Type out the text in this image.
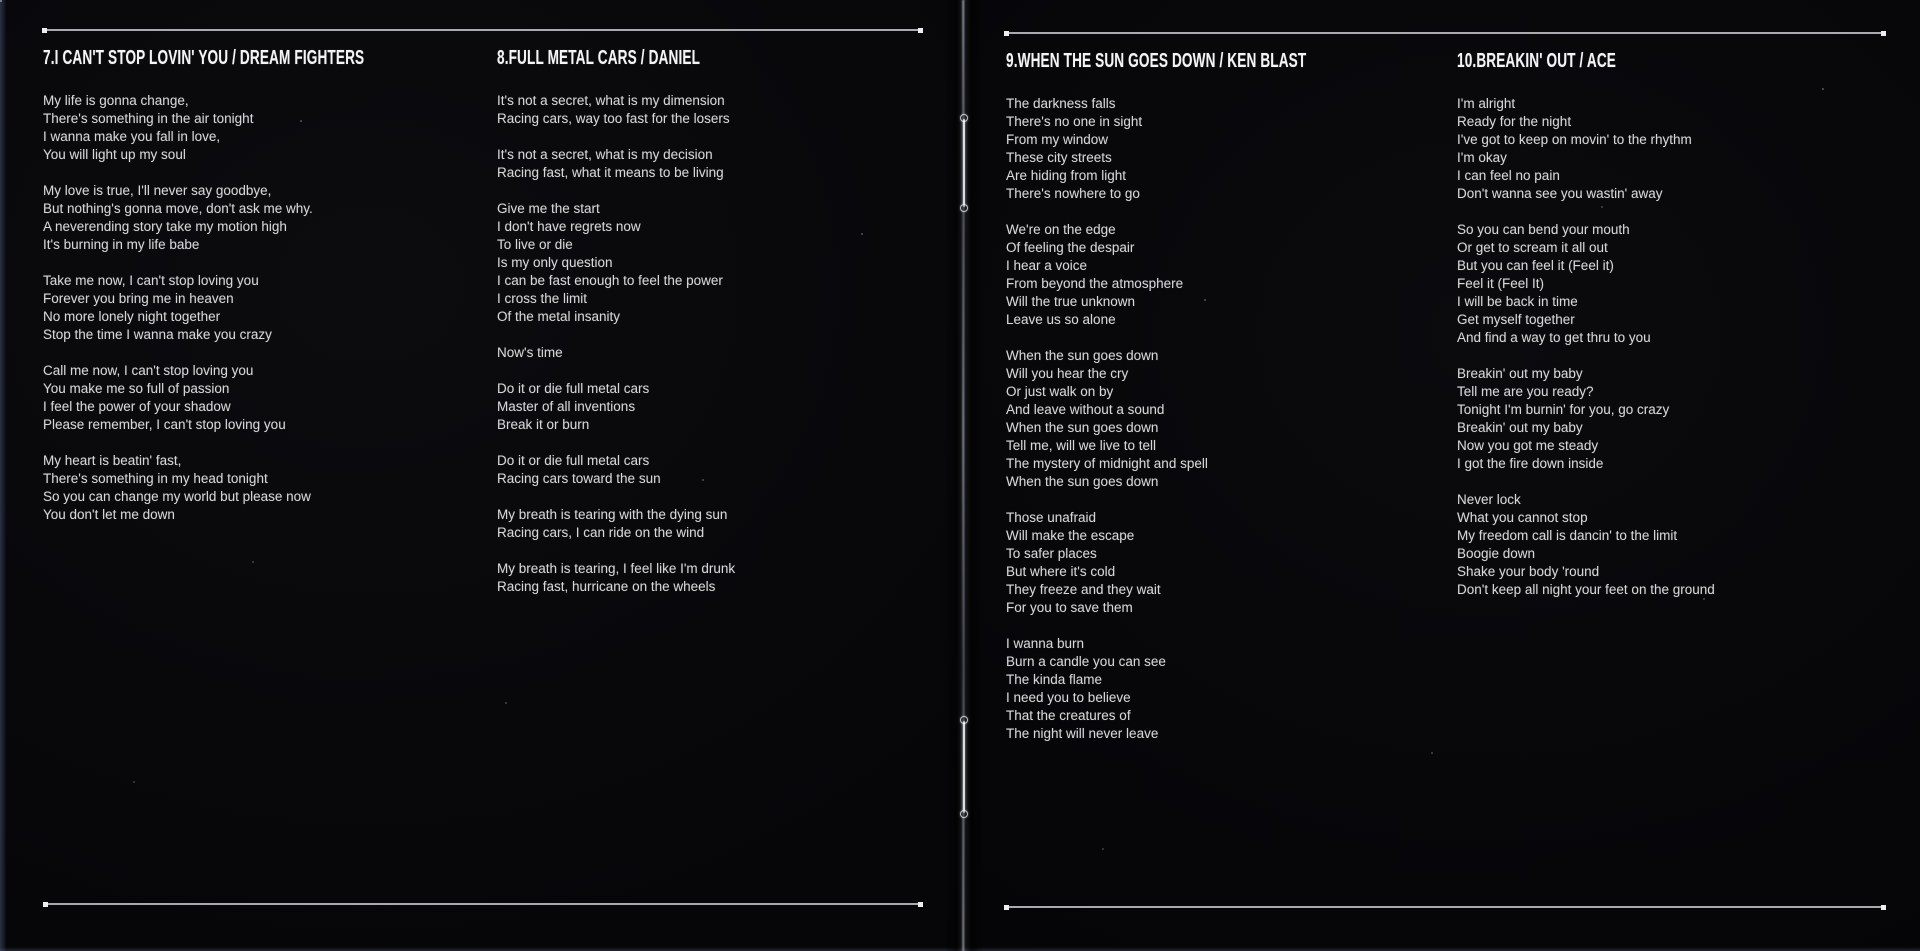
7.I CAN'T STOP LOVIN' YOU / DREAM FIGHTERS

My life is gonna change,
There's something in the air tonight
I wanna make you fall in love,
You will light up my soul

My love is true, I'll never say goodbye,
But nothing's gonna move, don't ask me why.
A neverending story take my motion high
It's burning in my life babe

Take me now, I can't stop loving you
Forever you bring me in heaven
No more lonely night together
Stop the time I wanna make you crazy

Call me now, I can't stop loving you
You make me so full of passion
I feel the power of your shadow
Please remember, I can't stop loving you

My heart is beatin' fast,
There's something in my head tonight
So you can change my world but please now
You don't let me down

8.FULL METAL CARS / DANIEL

It's not a secret, what is my dimension
Racing cars, way too fast for the losers

It's not a secret, what is my decision
Racing fast, what it means to be living

Give me the start
I don't have regrets now
To live or die
Is my only question
I can be fast enough to feel the power
I cross the limit
Of the metal insanity

Now's time

Do it or die full metal cars
Master of all inventions
Break it or burn

Do it or die full metal cars
Racing cars toward the sun

My breath is tearing with the dying sun
Racing cars, I can ride on the wind

My breath is tearing, I feel like I'm drunk
Racing fast, hurricane on the wheels

9.WHEN THE SUN GOES DOWN / KEN BLAST

The darkness falls
There's no one in sight
From my window
These city streets
Are hiding from light
There's nowhere to go

We're on the edge
Of feeling the despair
I hear a voice
From beyond the atmosphere
Will the true unknown
Leave us so alone

When the sun goes down
Will you hear the cry
Or just walk on by
And leave without a sound
When the sun goes down
Tell me, will we live to tell
The mystery of midnight and spell
When the sun goes down

Those unafraid
Will make the escape
To safer places
But where it's cold
They freeze and they wait
For you to save them

I wanna burn
Burn a candle you can see
The kinda flame
I need you to believe
That the creatures of
The night will never leave

10.BREAKIN' OUT / ACE

I'm alright
Ready for the night
I've got to keep on movin' to the rhythm
I'm okay
I can feel no pain
Don't wanna see you wastin' away

So you can bend your mouth
Or get to scream it all out
But you can feel it (Feel it)
Feel it (Feel It)
I will be back in time
Get myself together
And find a way to get thru to you

Breakin' out my baby
Tell me are you ready?
Tonight I'm burnin' for you, go crazy
Breakin' out my baby
Now you got me steady
I got the fire down inside

Never lock
What you cannot stop
My freedom call is dancin' to the limit
Boogie down
Shake your body 'round
Don't keep all night your feet on the ground
